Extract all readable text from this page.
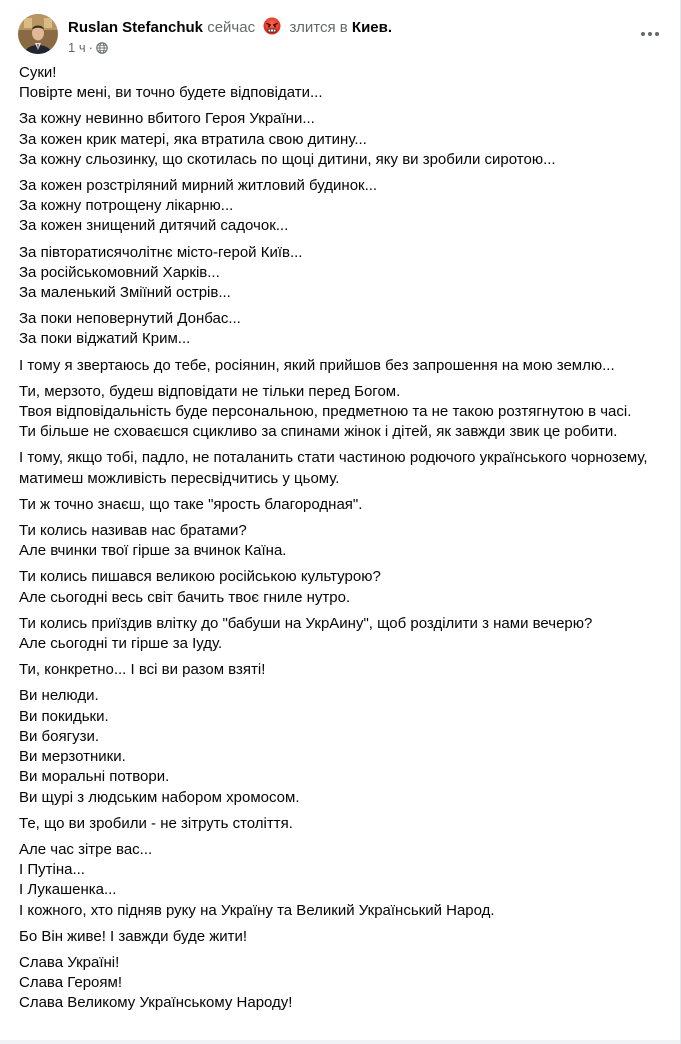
Ruslan Stefanchuk сейчас злится в Киев.
1 ч ·
Суки!
Повірте мені, ви точно будете відповідати...
За кожну невинно вбитого Героя України...
За кожен крик матері, яка втратила свою дитину...
За кожну сльозинку, що скотилась по щоці дитини, яку ви зробили сиротою...
За кожен розстріляний мирний житловий будинок...
За кожну потрощену лікарню...
За кожен знищений дитячий садочок...
За півторатисячолітнє місто-герой Київ...
За російськомовний Харків...
За маленький Зміїний острів...
За поки неповернутий Донбас...
За поки віджатий Крим...
І тому я звертаюсь до тебе, росіянин, який прийшов без запрошення на мою землю...
Ти, мерзото, будеш відповідати не тільки перед Богом.
Твоя відповідальність буде персональною, предметною та не такою розтягнутою в часі.
Ти більше не сховаєшся сцикливо за спинами жінок і дітей, як завжди звик це робити.
І тому, якщо тобі, падло, не поталанить стати частиною родючого українського чорнозему,
матимеш можливість пересвідчитись у цьому.
Ти ж точно знаєш, що таке "ярость благородная".
Ти колись називав нас братами?
Але вчинки твої гірше за вчинок Каїна.
Ти колись пишався великою російською культурою?
Але сьогодні весь світ бачить твоє гниле нутро.
Ти колись приїздив влітку до "бабуши на УкрАину", щоб розділити з нами вечерю?
Але сьогодні ти гірше за Іуду.
Ти, конкретно... І всі ви разом взяті!
Ви нелюди.
Ви покидьки.
Ви боягузи.
Ви мерзотники.
Ви моральні потвори.
Ви щурі з людським набором хромосом.
Те, що ви зробили - не зітруть століття.
Але час зітре вас...
І Путіна...
І Лукашенка...
І кожного, хто підняв руку на Україну та Великий Український Народ.
Бо Він живе! І завжди буде жити!
Слава Україні!
Слава Героям!
Слава Великому Українському Народу!
